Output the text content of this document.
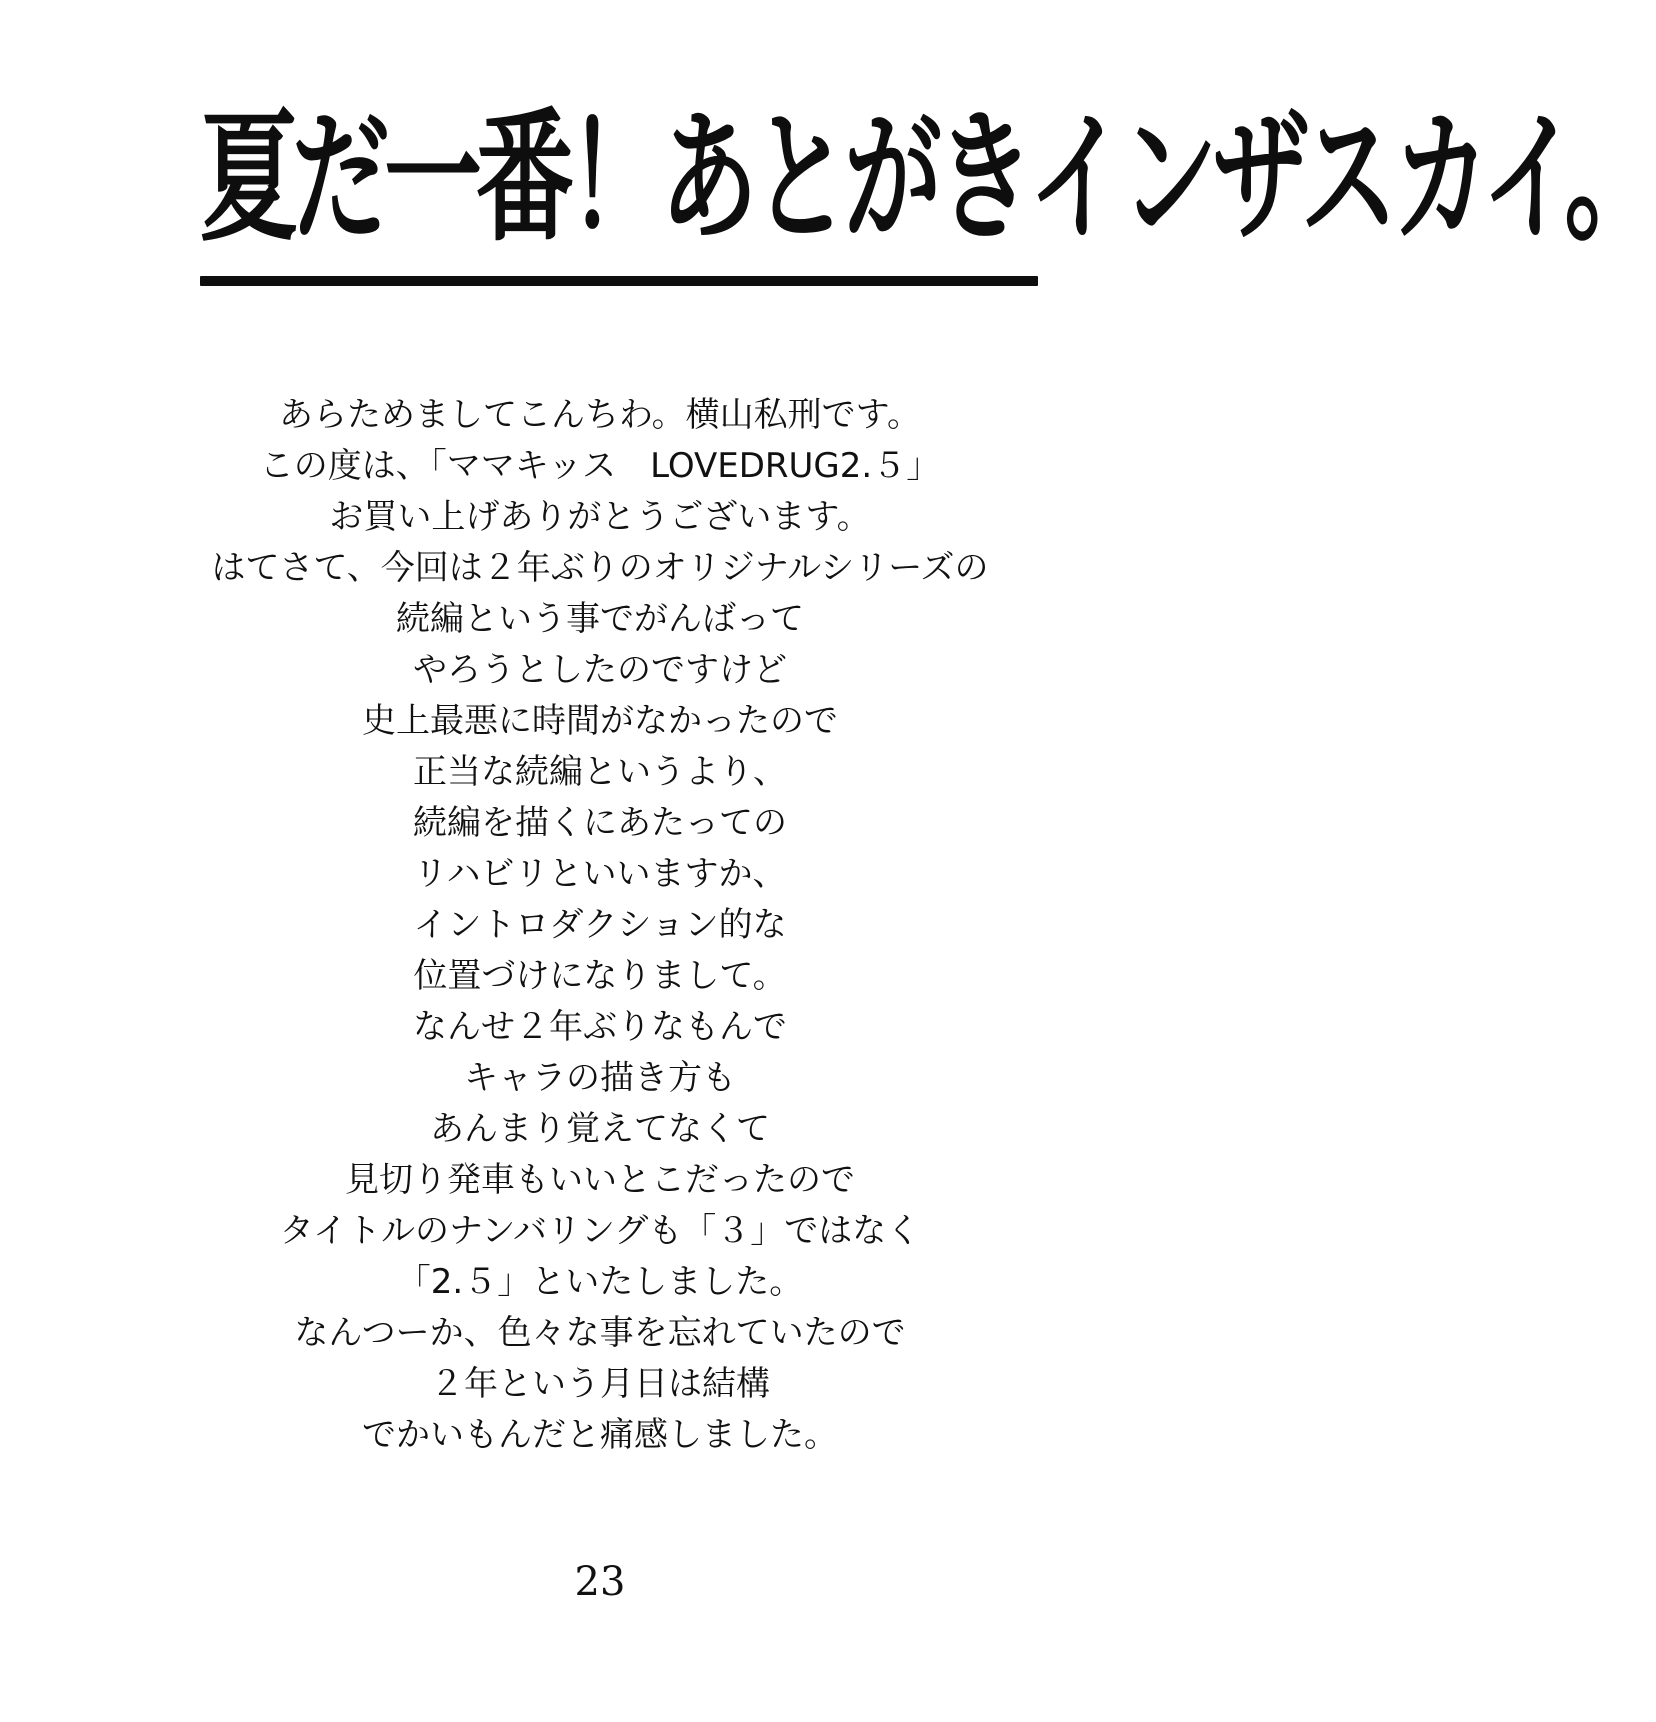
夏だ一番！あとがきインザスカイ。
あらためましてこんちわ。横山私刑です。
この度は、「ママキッス　LOVEDRUG2.５」
お買い上げありがとうございます。
はてさて、今回は２年ぶりのオリジナルシリーズの
続編という事でがんばって
やろうとしたのですけど
史上最悪に時間がなかったので
正当な続編というより、
続編を描くにあたっての
リハビリといいますか、
イントロダクション的な
位置づけになりまして。
なんせ２年ぶりなもんで
キャラの描き方も
あんまり覚えてなくて
見切り発車もいいとこだったので
タイトルのナンバリングも「３」ではなく
「2.５」といたしました。
なんつーか、色々な事を忘れていたので
２年という月日は結構
でかいもんだと痛感しました。
23
